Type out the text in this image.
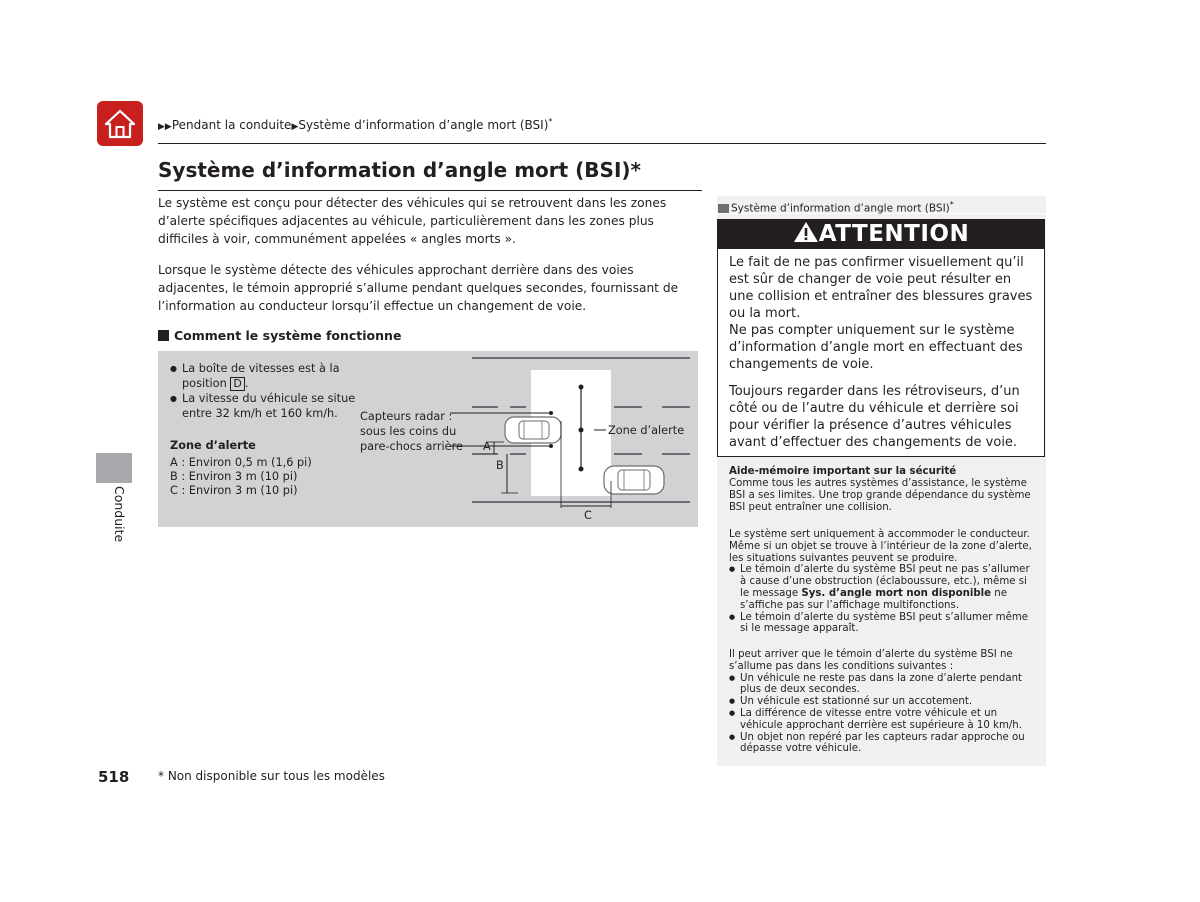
▶▶Pendant la conduite▶Système d’information d’angle mort (BSI)*
Système d’information d’angle mort (BSI)*
Le système est conçu pour détecter des véhicules qui se retrouvent dans les zones d’alerte spécifiques adjacentes au véhicule, particulièrement dans les zones plus difficiles à voir, communément appelées « angles morts ».
Lorsque le système détecte des véhicules approchant derrière dans des voies adjacentes, le témoin approprié s’allume pendant quelques secondes, fournissant de l’information au conducteur lorsqu’il effectue un changement de voie.
Comment le système fonctionne
● La boîte de vitesses est à la
position D .
● La vitesse du véhicule se situe entre 32 km/h et 160 km/h.
Zone d’alerte
A : Environ 0,5 m (1,6 pi)
B : Environ 3 m (10 pi)
C : Environ 3 m (10 pi)
Capteurs radar :
sous les coins du
pare-chocs arrière
Zone d’alerte
A
B
C
Conduite
518 * Non disponible sur tous les modèles
Système d’information d’angle mort (BSI)*
ATTENTION
Le fait de ne pas confirmer visuellement qu’il est sûr de changer de voie peut résulter en une collision et entraîner des blessures graves ou la mort.
Ne pas compter uniquement sur le système d’information d’angle mort en effectuant des changements de voie.
Toujours regarder dans les rétroviseurs, d’un côté ou de l’autre du véhicule et derrière soi pour vérifier la présence d’autres véhicules avant d’effectuer des changements de voie.
Aide-mémoire important sur la sécurité
Comme tous les autres systèmes d’assistance, le système BSI a ses limites. Une trop grande dépendance du système BSI peut entraîner une collision.
Le système sert uniquement à accommoder le conducteur. Même si un objet se trouve à l’intérieur de la zone d’alerte, les situations suivantes peuvent se produire.
● Le témoin d’alerte du système BSI peut ne pas s’allumer à cause d’une obstruction (éclaboussure, etc.), même si le message Sys. d’angle mort non disponible ne s’affiche pas sur l’affichage multifonctions.
● Le témoin d’alerte du système BSI peut s’allumer même si le message apparaît.
Il peut arriver que le témoin d’alerte du système BSI ne s’allume pas dans les conditions suivantes :
● Un véhicule ne reste pas dans la zone d’alerte pendant plus de deux secondes.
● Un véhicule est stationné sur un accotement.
● La différence de vitesse entre votre véhicule et un véhicule approchant derrière est supérieure à 10 km/h.
● Un objet non repéré par les capteurs radar approche ou dépasse votre véhicule.
